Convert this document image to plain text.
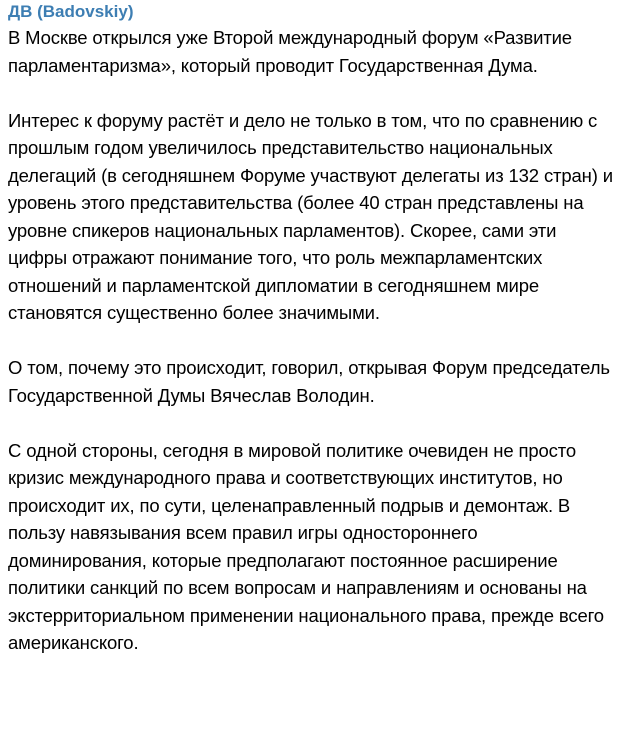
ДВ (Badovskiy)

В Москве открылся уже Второй международный форум «Развитие парламентаризма», который проводит Государственная Дума.

Интерес к форуму растёт и дело не только в том, что по сравнению с прошлым годом увеличилось представительство национальных делегаций (в сегодняшнем Форуме участвуют делегаты из 132 стран) и уровень этого представительства (более 40 стран представлены на уровне спикеров национальных парламентов). Скорее, сами эти цифры отражают понимание того, что роль межпарламентских отношений и парламентской дипломатии в сегодняшнем мире становятся существенно более значимыми.

О том, почему это происходит, говорил, открывая Форум председатель Государственной Думы Вячеслав Володин.

С одной стороны, сегодня в мировой политике очевиден не просто кризис международного права и соответствующих институтов, но происходит их, по сути, целенаправленный подрыв и демонтаж. В пользу навязывания всем правил игры одностороннего доминирования, которые предполагают постоянное расширение политики санкций по всем вопросам и направлениям и основаны на экстерриториальном применении национального права, прежде всего американского.
